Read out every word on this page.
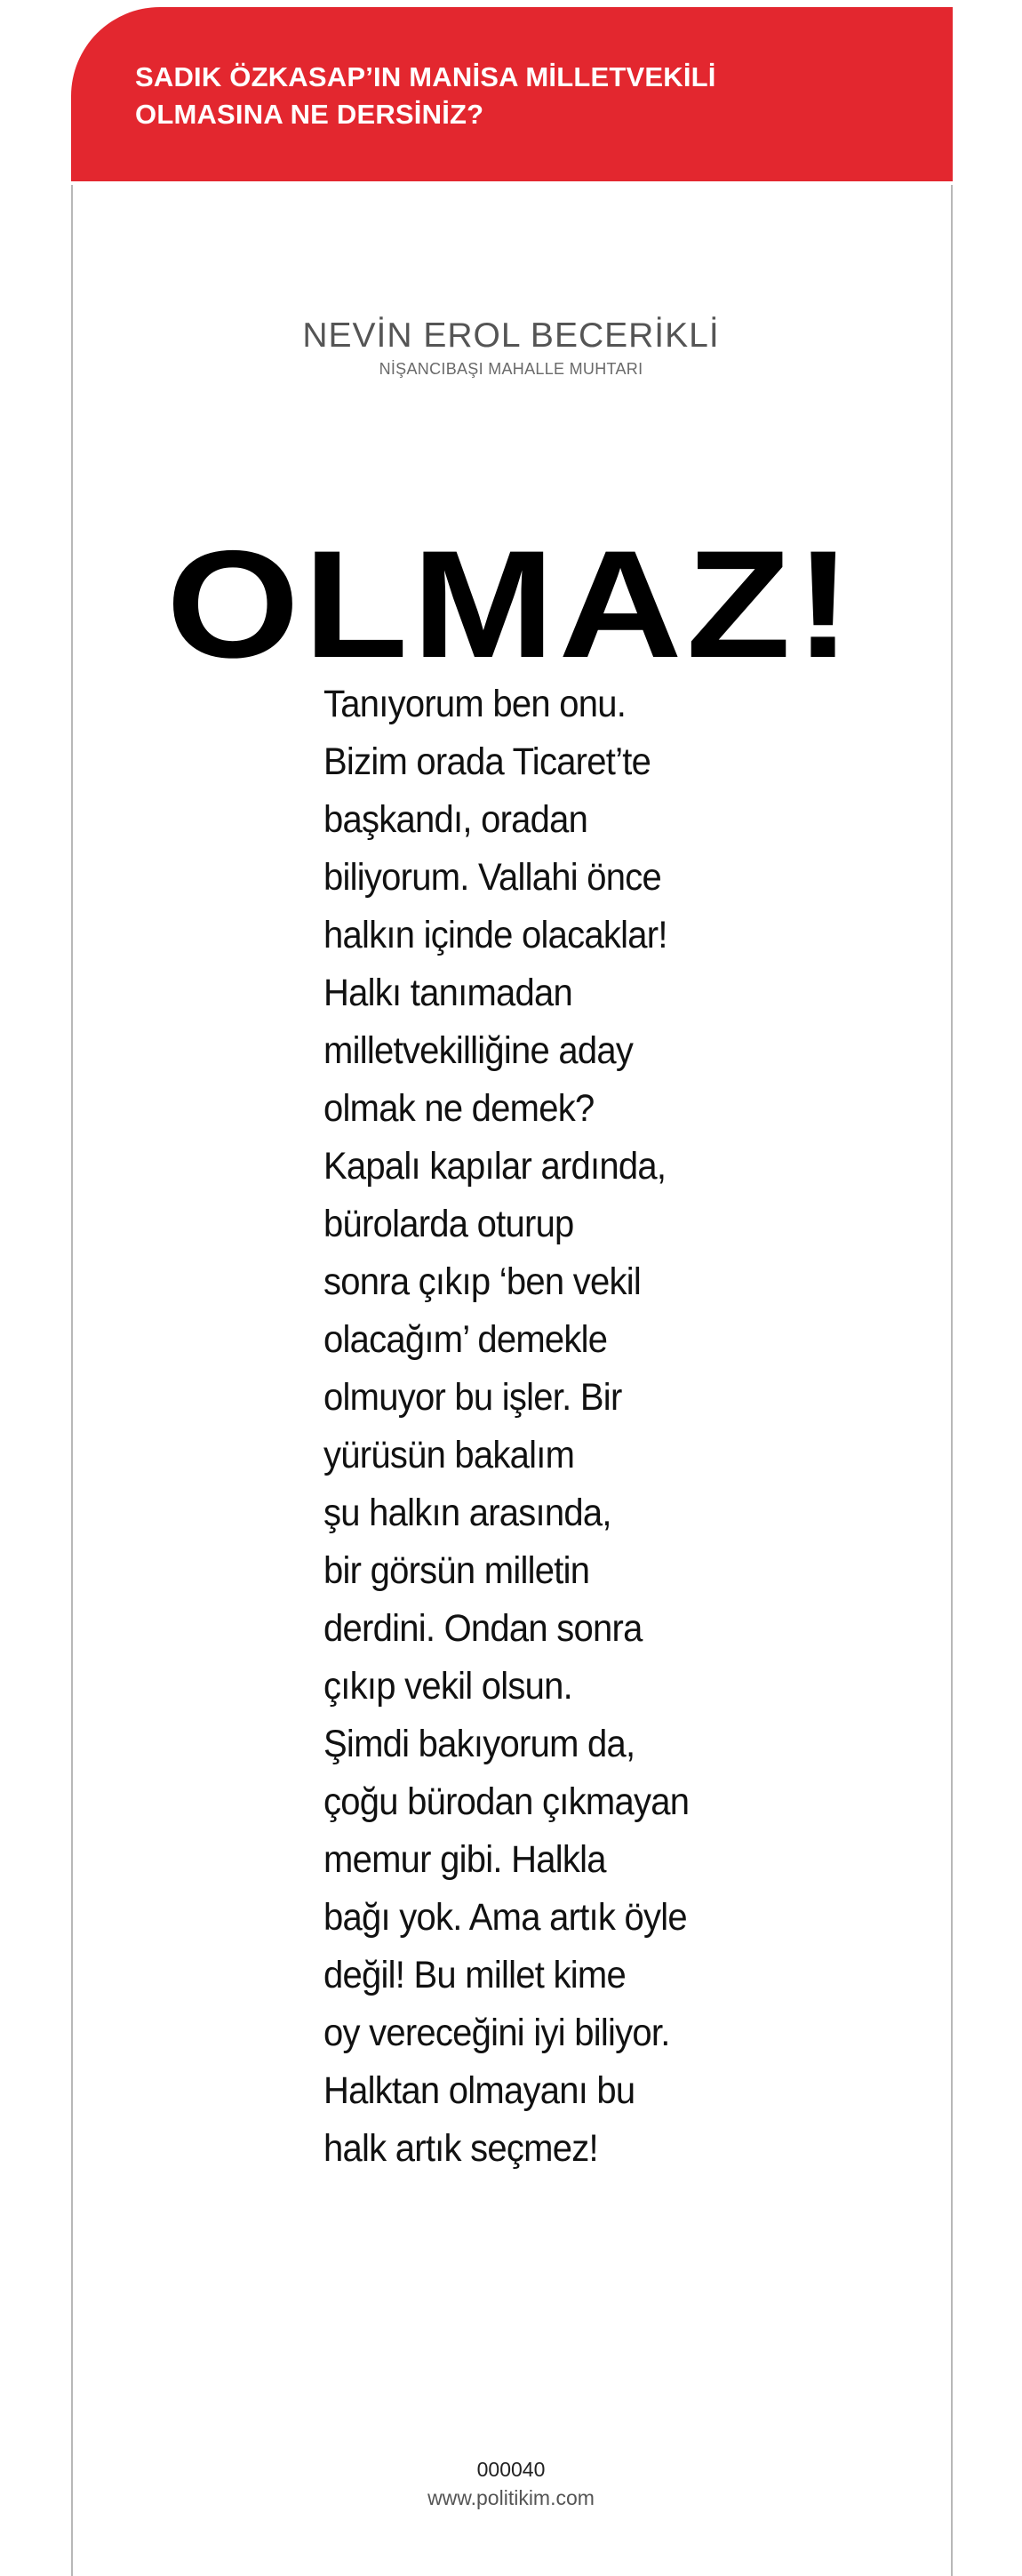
SADIK ÖZKASAP’IN MANİSA MİLLETVEKİLİ OLMASINA NE DERSİNİZ?
NEVİN EROL BECERİKLİ
NİŞANCIBAŞI MAHALLE MUHTARI
OLMAZ!
Tanıyorum ben onu.
Bizim orada Ticaret’te
başkandı, oradan
biliyorum. Vallahi önce
halkın içinde olacaklar!
Halkı tanımadan
milletvekilliğine aday
olmak ne demek?
Kapalı kapılar ardında,
bürolarda oturup
sonra çıkıp ‘ben vekil
olacağım’ demekle
olmuyor bu işler. Bir
yürüsün bakalım
şu halkın arasında,
bir görsün milletin
derdini. Ondan sonra
çıkıp vekil olsun.
Şimdi bakıyorum da,
çoğu bürodan çıkmayan
memur gibi. Halkla
bağı yok. Ama artık öyle
değil! Bu millet kime
oy vereceğini iyi biliyor.
Halktan olmayanı bu
halk artık seçmez!
000040
www.politikim.com
